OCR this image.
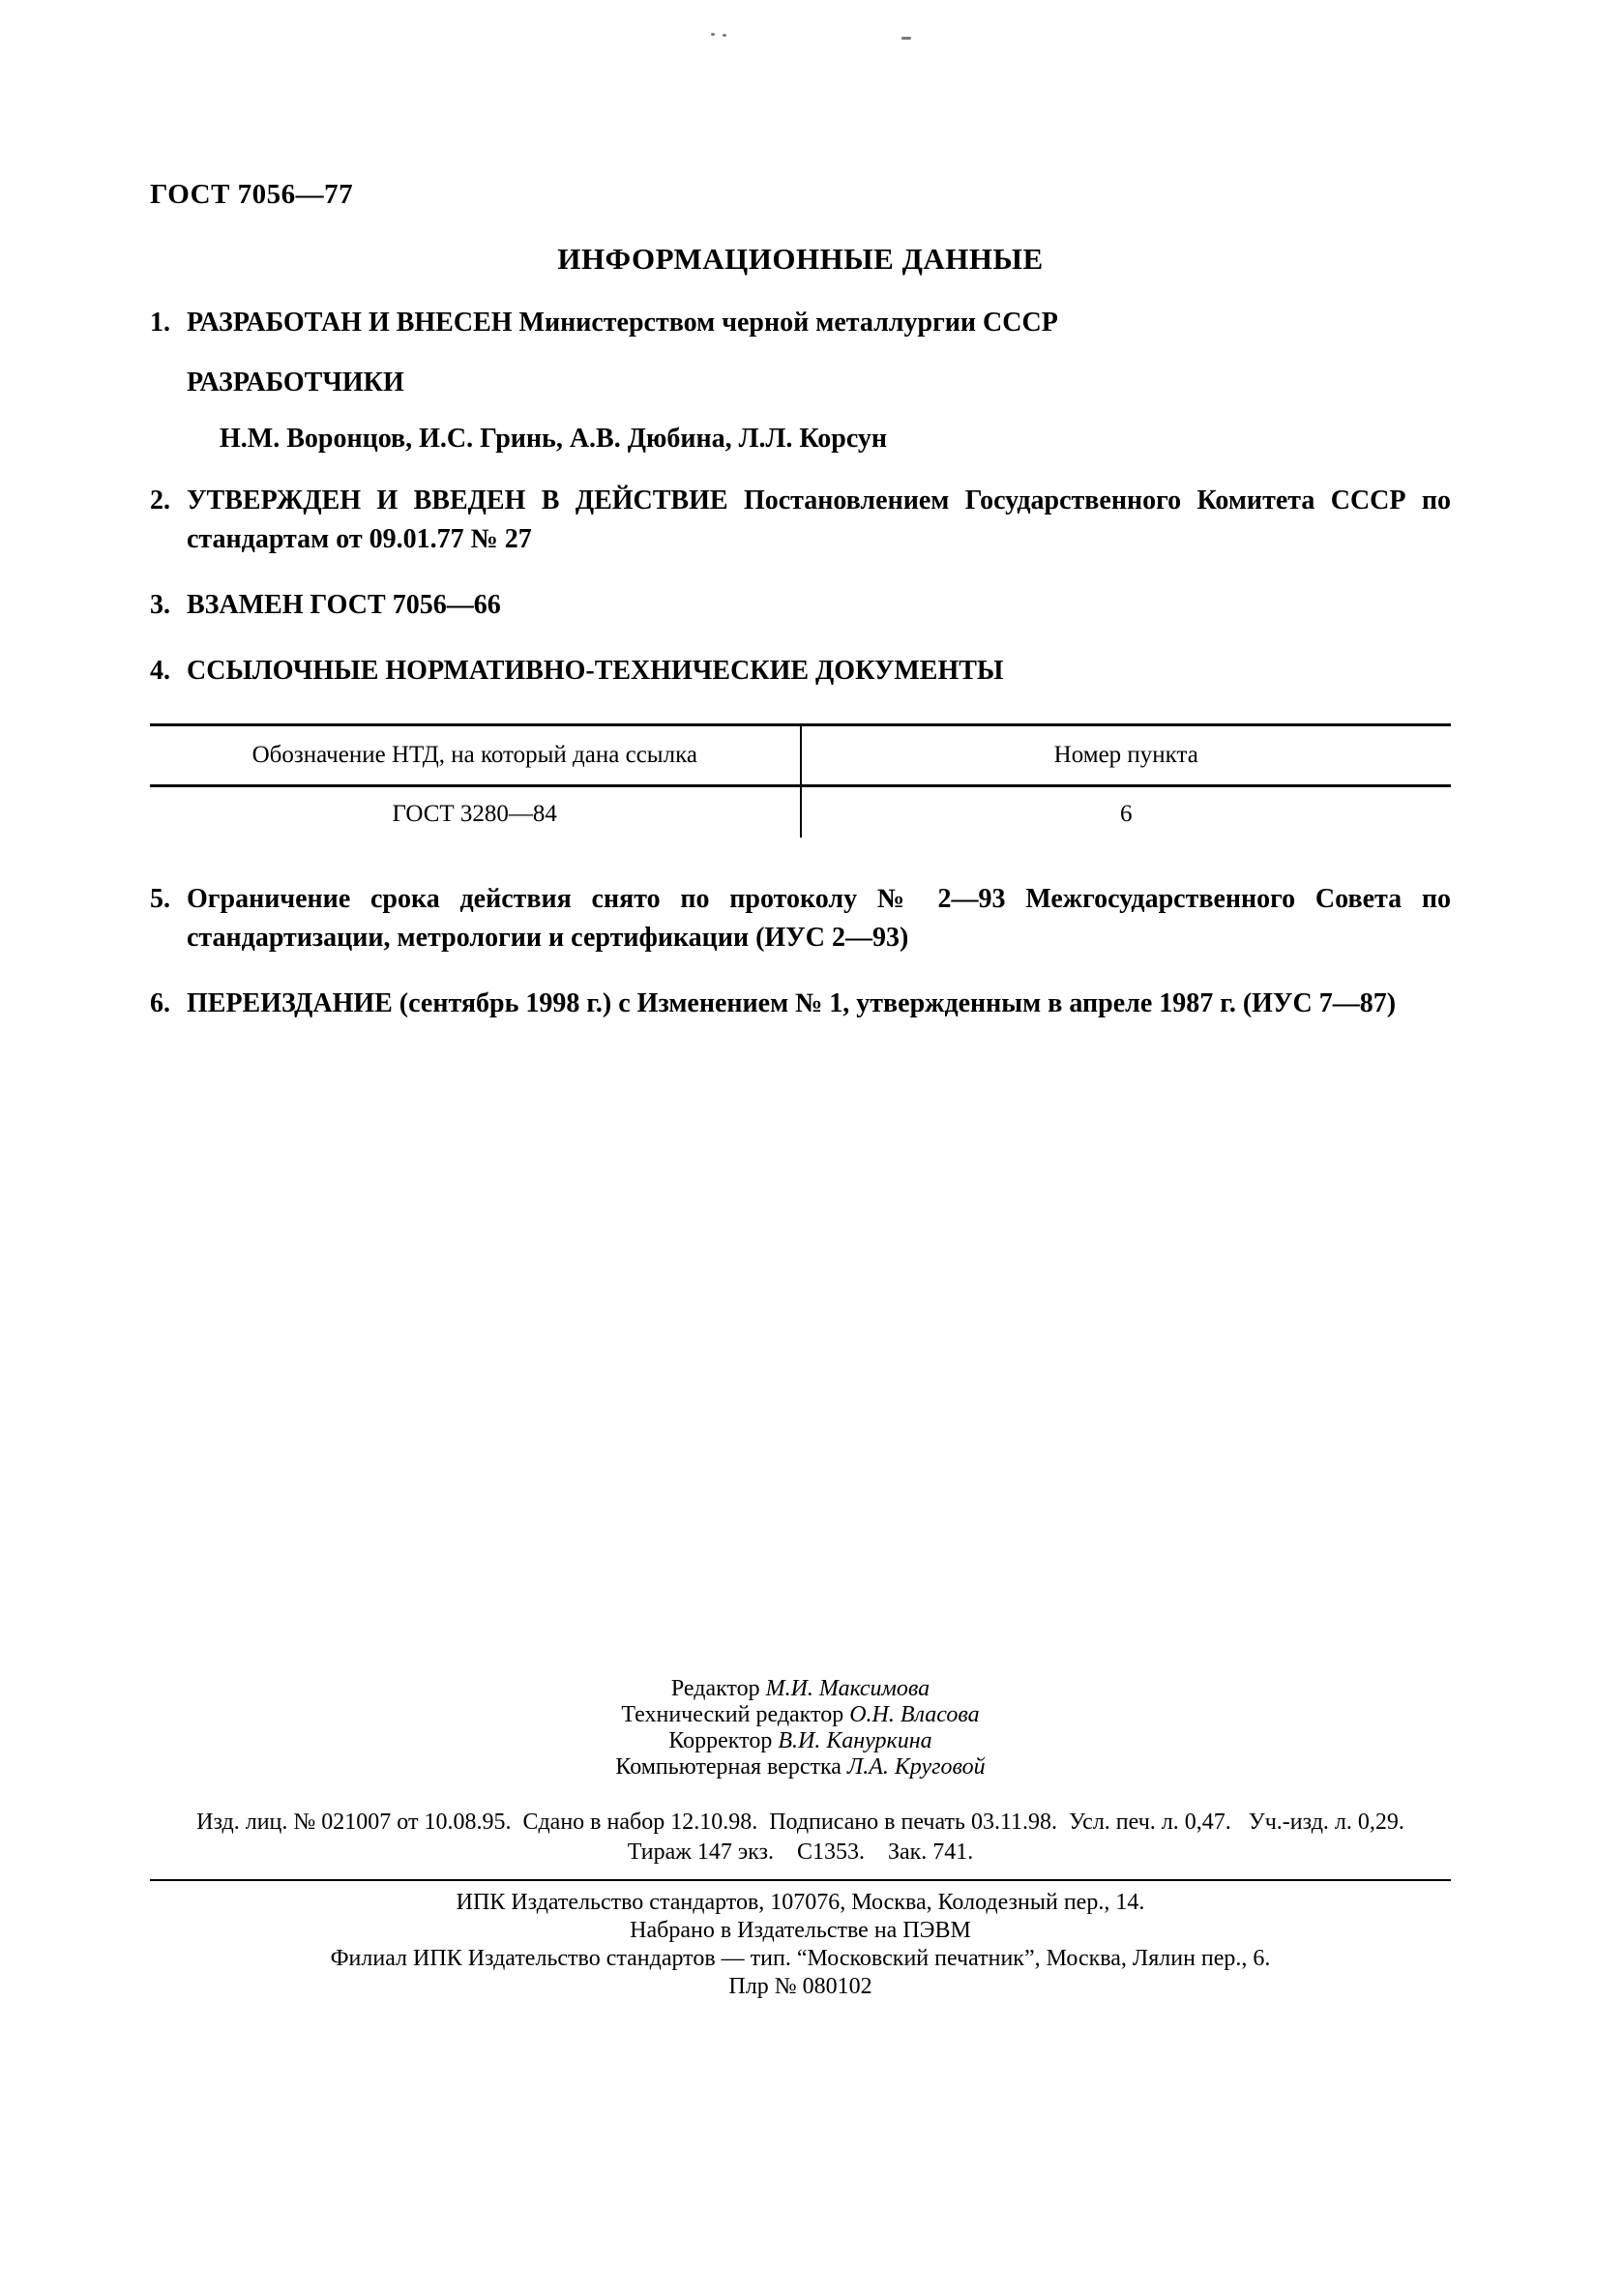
ГОСТ 7056—77
ИНФОРМАЦИОННЫЕ ДАННЫЕ
1. РАЗРАБОТАН И ВНЕСЕН Министерством черной металлургии СССР
РАЗРАБОТЧИКИ
Н.М. Воронцов, И.С. Гринь, А.В. Дюбина, Л.Л. Корсун
2. УТВЕРЖДЕН И ВВЕДЕН В ДЕЙСТВИЕ Постановлением Государственного Комитета СССР по стандартам от 09.01.77 № 27
3. ВЗАМЕН ГОСТ 7056—66
4. ССЫЛОЧНЫЕ НОРМАТИВНО-ТЕХНИЧЕСКИЕ ДОКУМЕНТЫ
Обозначение НТД, на который дана ссылка	Номер пункта
ГОСТ 3280—84	6
5. Ограничение срока действия снято по протоколу № 2—93 Межгосударственного Совета по стандартизации, метрологии и сертификации (ИУС 2—93)
6. ПЕРЕИЗДАНИЕ (сентябрь 1998 г.) с Изменением № 1, утвержденным в апреле 1987 г. (ИУС 7—87)
Редактор М.И. Максимова
Технический редактор О.Н. Власова
Корректор В.И. Кануркина
Компьютерная верстка Л.А. Круговой
Изд. лиц. № 021007 от 10.08.95.  Сдано в набор 12.10.98.  Подписано в печать 03.11.98.  Усл. печ. л. 0,47.   Уч.-изд. л. 0,29.
Тираж 147 экз.    С1353.    Зак. 741.
ИПК Издательство стандартов, 107076, Москва, Колодезный пер., 14.
Набрано в Издательстве на ПЭВМ
Филиал ИПК Издательство стандартов — тип. “Московский печатник”, Москва, Лялин пер., 6.
Плр № 080102
